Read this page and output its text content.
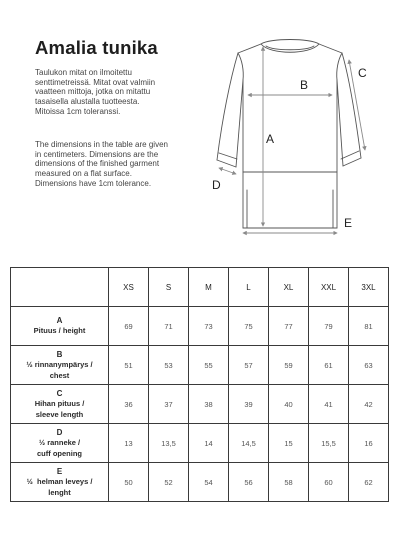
Amalia tunika
Taulukon mitat on ilmoitettu
senttimetreissä. Mitat ovat valmiin
vaatteen mittoja, jotka on mitattu
tasaisella alustalla tuotteesta.
Mitoissa 1cm toleranssi.
The dimensions in the table are given
in centimeters. Dimensions are the
dimensions of the finished garment
measured on a flat surface.
Dimensions have 1cm tolerance.
A
B
C
D
E
	XS	S	M	L	XL	XXL	3XL

A
Pituus / height	69	71	73	75	77	79	81

B
½ rinnanympärys /
chest	51	53	55	57	59	61	63

C
Hihan pituus /
sleeve length	36	37	38	39	40	41	42

D
½ ranneke /
cuff opening	13	13,5	14	14,5	15	15,5	16

E
½  helman leveys /
lenght	50	52	54	56	58	60	62
